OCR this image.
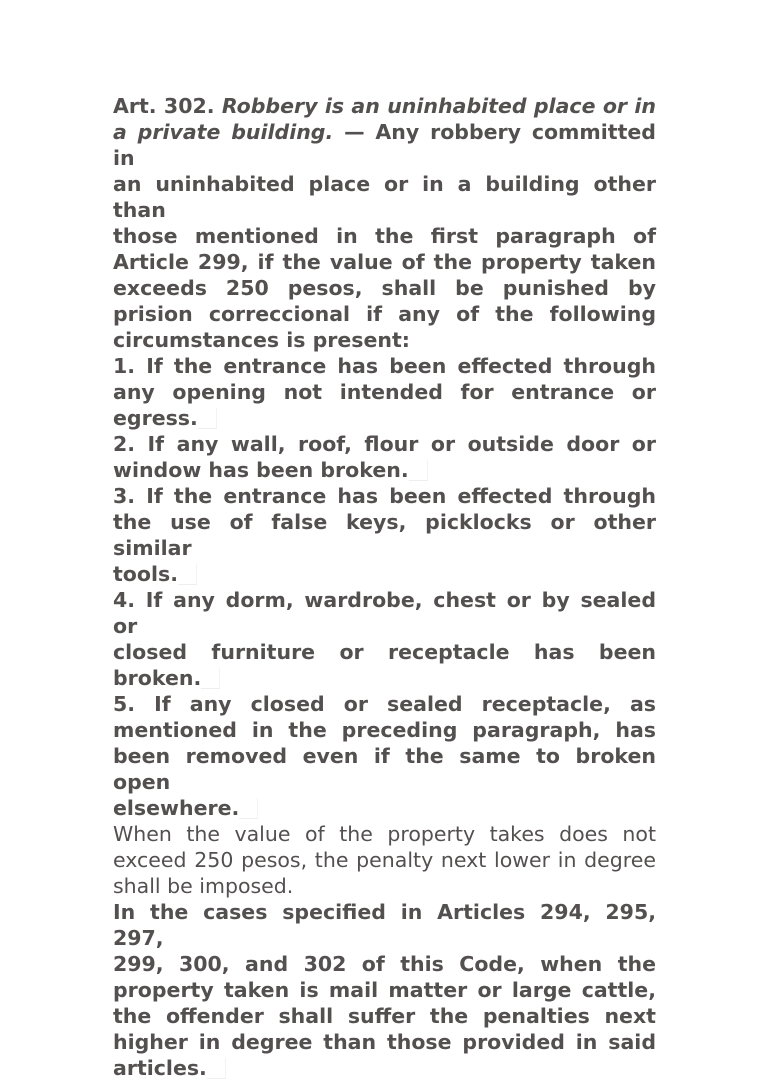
Art. 302. Robbery is an uninhabited place or in
a private building. — Any robbery committed in
an uninhabited place or in a building other than
those mentioned in the first paragraph of
Article 299, if the value of the property taken
exceeds 250 pesos, shall be punished by
prision correccional if any of the following
circumstances is present:

1. If the entrance has been effected through
any opening not intended for entrance or
egress.

2. If any wall, roof, flour or outside door or
window has been broken.

3. If the entrance has been effected through
the use of false keys, picklocks or other similar
tools.

4. If any dorm, wardrobe, chest or by sealed or
closed furniture or receptacle has been
broken.

5. If any closed or sealed receptacle, as
mentioned in the preceding paragraph, has
been removed even if the same to broken open
elsewhere.

When the value of the property takes does not
exceed 250 pesos, the penalty next lower in degree
shall be imposed.

In the cases specified in Articles 294, 295, 297,
299, 300, and 302 of this Code, when the
property taken is mail matter or large cattle,
the offender shall suffer the penalties next
higher in degree than those provided in said
articles.
